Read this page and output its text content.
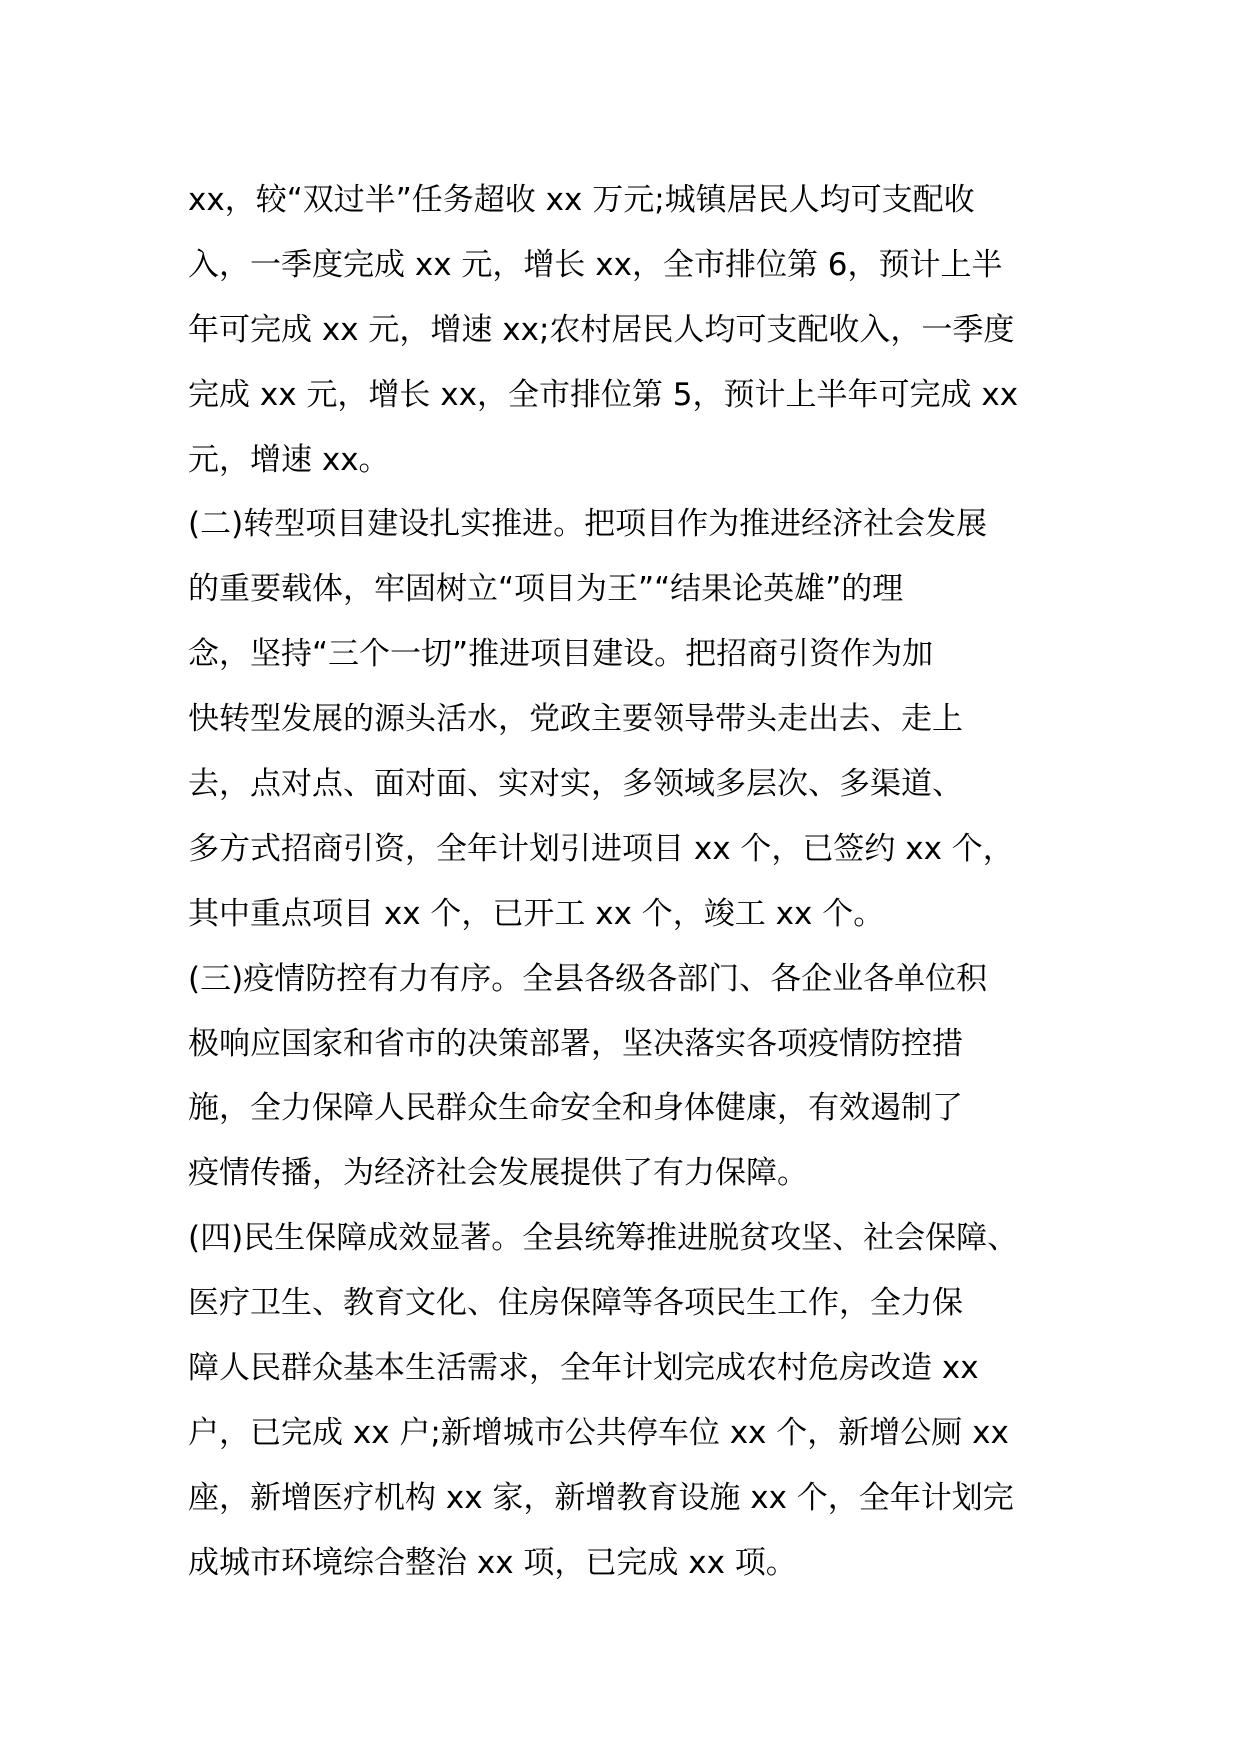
xx，较“双过半”任务超收 xx 万元;城镇居民人均可支配收
入，一季度完成 xx 元，增长 xx，全市排位第 6，预计上半
年可完成 xx 元，增速 xx;农村居民人均可支配收入，一季度
完成 xx 元，增长 xx，全市排位第 5，预计上半年可完成 xx
元，增速 xx。
(二)转型项目建设扎实推进。把项目作为推进经济社会发展
的重要载体，牢固树立“项目为王”“结果论英雄”的理
念，坚持“三个一切”推进项目建设。把招商引资作为加
快转型发展的源头活水，党政主要领导带头走出去、走上
去，点对点、面对面、实对实，多领域多层次、多渠道、
多方式招商引资，全年计划引进项目 xx 个，已签约 xx 个，
其中重点项目 xx 个，已开工 xx 个，竣工 xx 个。
(三)疫情防控有力有序。全县各级各部门、各企业各单位积
极响应国家和省市的决策部署，坚决落实各项疫情防控措
施，全力保障人民群众生命安全和身体健康，有效遏制了
疫情传播，为经济社会发展提供了有力保障。
(四)民生保障成效显著。全县统筹推进脱贫攻坚、社会保障、
医疗卫生、教育文化、住房保障等各项民生工作，全力保
障人民群众基本生活需求，全年计划完成农村危房改造 xx
户，已完成 xx 户;新增城市公共停车位 xx 个，新增公厕 xx
座，新增医疗机构 xx 家，新增教育设施 xx 个，全年计划完
成城市环境综合整治 xx 项，已完成 xx 项。
